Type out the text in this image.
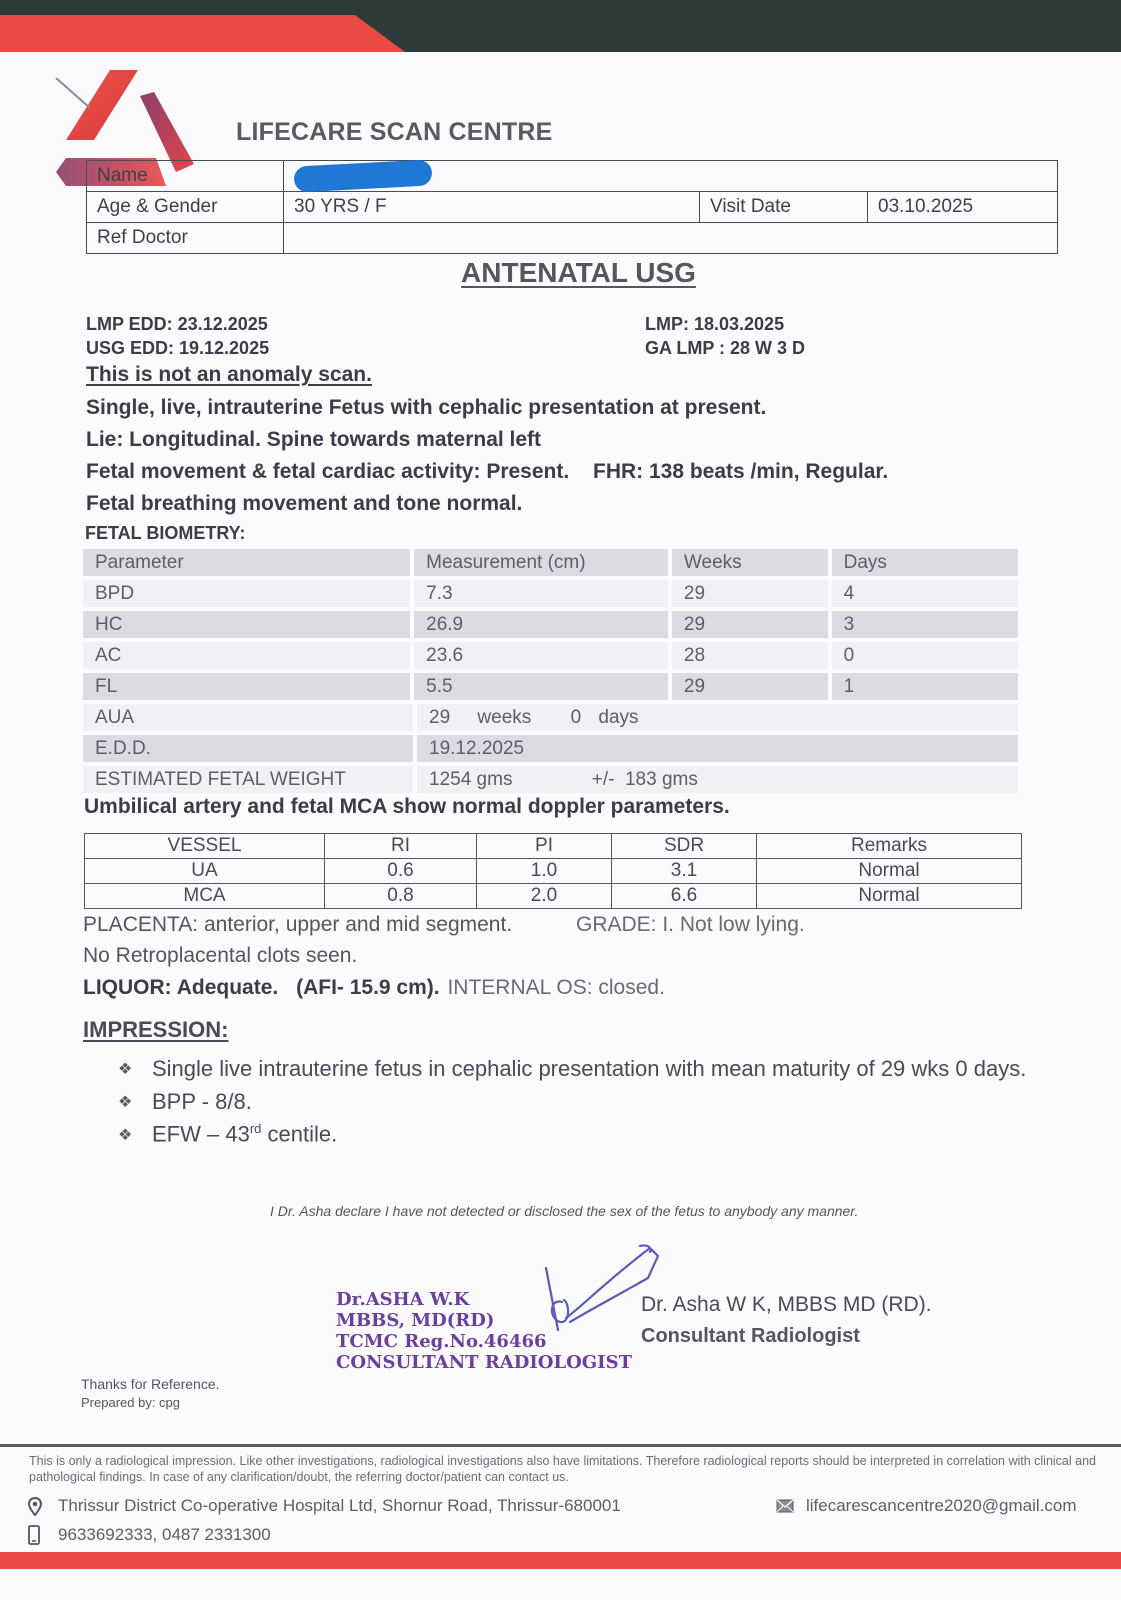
LIFECARE SCAN CENTRE
Name			
Age & Gender	30 YRS / F	Visit Date	03.10.2025
Ref Doctor			
ANTENATAL USG
LMP EDD: 23.12.2025
USG EDD: 19.12.2025
LMP: 18.03.2025
GA LMP : 28 W 3 D
This is not an anomaly scan.
Single, live, intrauterine Fetus with cephalic presentation at present.
Lie: Longitudinal. Spine towards maternal left
Fetal movement & fetal cardiac activity: Present. FHR: 138 beats /min, Regular.
Fetal breathing movement and tone normal.
FETAL BIOMETRY:
Parameter	Measurement (cm)	Weeks	Days
BPD	7.3	29	4
HC	26.9	29	3
AC	23.6	28	0
FL	5.5	29	1
AUA	29 weeks 0 days
E.D.D.	19.12.2025
ESTIMATED FETAL WEIGHT	1254 gms	+/-  183 gms
Umbilical artery and fetal MCA show normal doppler parameters.
VESSEL	RI	PI	SDR	Remarks
UA	0.6	1.0	3.1	Normal
MCA	0.8	2.0	6.6	Normal
PLACENTA: anterior, upper and mid segment.	GRADE: I. Not low lying.
No Retroplacental clots seen.
LIQUOR: Adequate. (AFI- 15.9 cm). INTERNAL OS: closed.
IMPRESSION:
❖ Single live intrauterine fetus in cephalic presentation with mean maturity of 29 wks 0 days.
❖ BPP - 8/8.
❖ EFW – 43rd centile.
I Dr. Asha declare I have not detected or disclosed the sex of the fetus to anybody any manner.
Dr.ASHA W.K
MBBS, MD(RD)
TCMC Reg.No.46466
CONSULTANT RADIOLOGIST
Dr. Asha W K, MBBS MD (RD).
Consultant Radiologist
Thanks for Reference.
Prepared by: cpg
This is only a radiological impression. Like other investigations, radiological investigations also have limitations. Therefore radiological reports should be interpreted in correlation with clinical and pathological findings. In case of any clarification/doubt, the referring doctor/patient can contact us.
Thrissur District Co-operative Hospital Ltd, Shornur Road, Thrissur-680001
9633692333, 0487 2331300
lifecarescancentre2020@gmail.com
